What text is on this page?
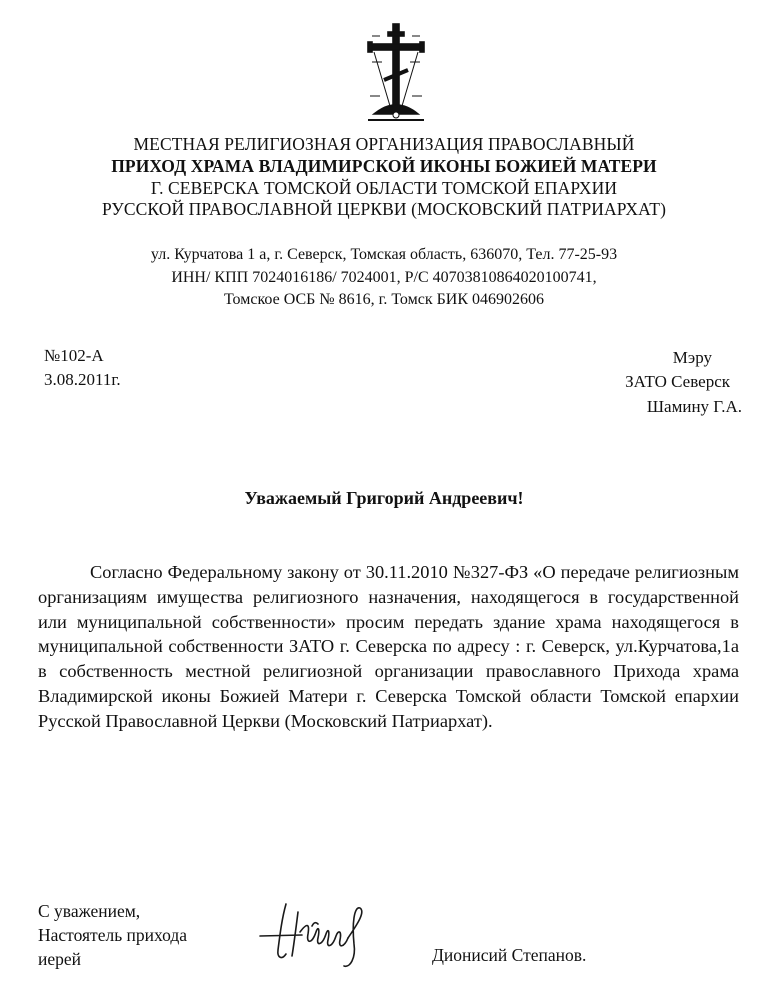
МЕСТНАЯ РЕЛИГИОЗНАЯ ОРГАНИЗАЦИЯ ПРАВОСЛАВНЫЙ
ПРИХОД ХРАМА ВЛАДИМИРСКОЙ ИКОНЫ БОЖИЕЙ МАТЕРИ
Г. СЕВЕРСКА ТОМСКОЙ ОБЛАСТИ ТОМСКОЙ ЕПАРХИИ
РУССКОЙ ПРАВОСЛАВНОЙ ЦЕРКВИ (МОСКОВСКИЙ ПАТРИАРХАТ)
ул. Курчатова 1 а, г. Северск, Томская область, 636070, Тел. 77-25-93
ИНН/ КПП 7024016186/ 7024001, Р/С 40703810864020100741,
Томское ОСБ № 8616, г. Томск БИК 046902606
№102-А
3.08.2011г.
Мэру
ЗАТО Северск
Шамину Г.А.
Уважаемый Григорий Андреевич!
Согласно Федеральному закону от 30.11.2010 №327-ФЗ «О передаче религиозным организациям имущества религиозного назначения, находящегося в государственной или муниципальной собственности» просим передать здание храма находящегося в муниципальной собственности ЗАТО г. Северска по адресу : г. Северск, ул.Курчатова,1а в собственность местной религиозной организации православного Прихода храма Владимирской иконы Божией Матери г. Северска Томской области Томской епархии Русской Православной Церкви (Московский Патриархат).
С уважением,
Настоятель прихода
иерей	Дионисий Степанов.
